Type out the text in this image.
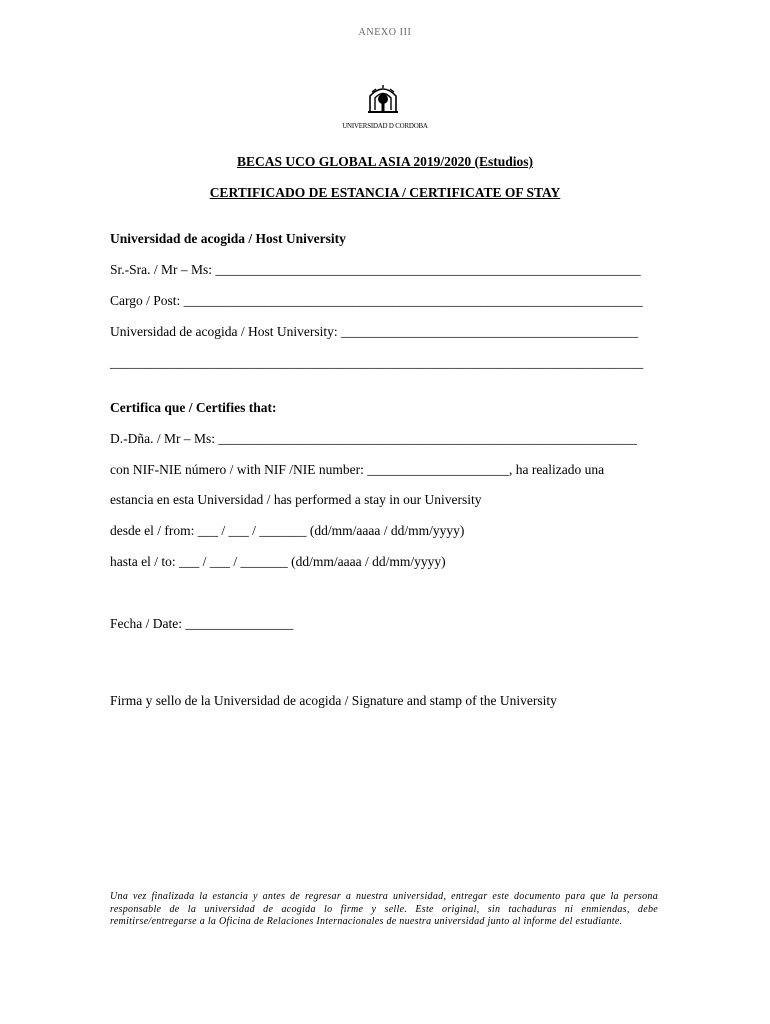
ANEXO III
UNIVERSIDAD D CORDOBA
BECAS UCO GLOBAL ASIA 2019/2020 (Estudios)
CERTIFICADO DE ESTANCIA / CERTIFICATE OF STAY
Universidad de acogida / Host University
Sr.-Sra. / Mr – Ms: _______________________________________________________________
Cargo / Post: ____________________________________________________________________
Universidad de acogida / Host University: ____________________________________________
_______________________________________________________________________________
Certifica que / Certifies that:
D.-Dña. / Mr – Ms: ______________________________________________________________
con NIF-NIE número / with NIF /NIE number: _____________________, ha realizado una
estancia en esta Universidad / has performed a stay in our University
desde el / from: ___ / ___ / _______ (dd/mm/aaaa / dd/mm/yyyy)
hasta el / to: ___ / ___ / _______ (dd/mm/aaaa / dd/mm/yyyy)
Fecha / Date: ________________
Firma y sello de la Universidad de acogida / Signature and stamp of the University
Una vez finalizada la estancia y antes de regresar a nuestra universidad, entregar este documento para que la persona responsable de la universidad de acogida lo firme y selle. Este original, sin tachaduras ni enmiendas, debe remitirse/entregarse a la Oficina de Relaciones Internacionales de nuestra universidad junto al informe del estudiante.
